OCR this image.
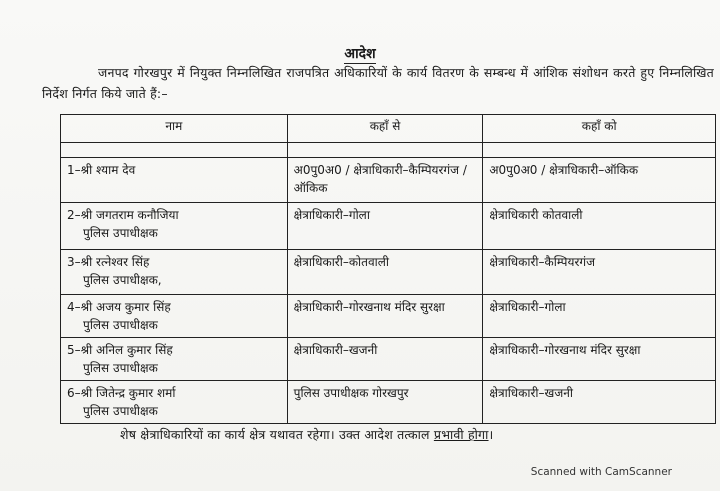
आदेश
जनपद गोरखपुर में नियुक्त निम्नलिखित राजपत्रित अधिकारियों के कार्य वितरण के सम्बन्ध में आंशिक संशोधन करते हुए निम्नलिखित निर्देश निर्गत किये जाते हैं:–
नाम	कहाँ से	कहाँ को

1–श्री श्याम देव	अ0पु0अ0 / क्षेत्राधिकारी–कैम्पियरगंज / ऑकिक	अ0पु0अ0 / क्षेत्राधिकारी–ऑकिक
2–श्री जगतराम कनौजिया
पुलिस उपाधीक्षक	क्षेत्राधिकारी–गोला	क्षेत्राधिकारी कोतवाली
3–श्री रत्नेश्वर सिंह
पुलिस उपाधीक्षक,	क्षेत्राधिकारी–कोतवाली	क्षेत्राधिकारी–कैम्पियरगंज
4–श्री अजय कुमार सिंह
पुलिस उपाधीक्षक	क्षेत्राधिकारी–गोरखनाथ मंदिर सुरक्षा	क्षेत्राधिकारी–गोला
5–श्री अनिल कुमार सिंह
पुलिस उपाधीक्षक	क्षेत्राधिकारी–खजनी	क्षेत्राधिकारी–गोरखनाथ मंदिर सुरक्षा
6–श्री जितेन्द्र कुमार शर्मा
पुलिस उपाधीक्षक	पुलिस उपाधीक्षक गोरखपुर	क्षेत्राधिकारी–खजनी
शेष क्षेत्राधिकारियों का कार्य क्षेत्र यथावत रहेगा। उक्त आदेश तत्काल प्रभावी होगा।
Scanned with CamScanner
